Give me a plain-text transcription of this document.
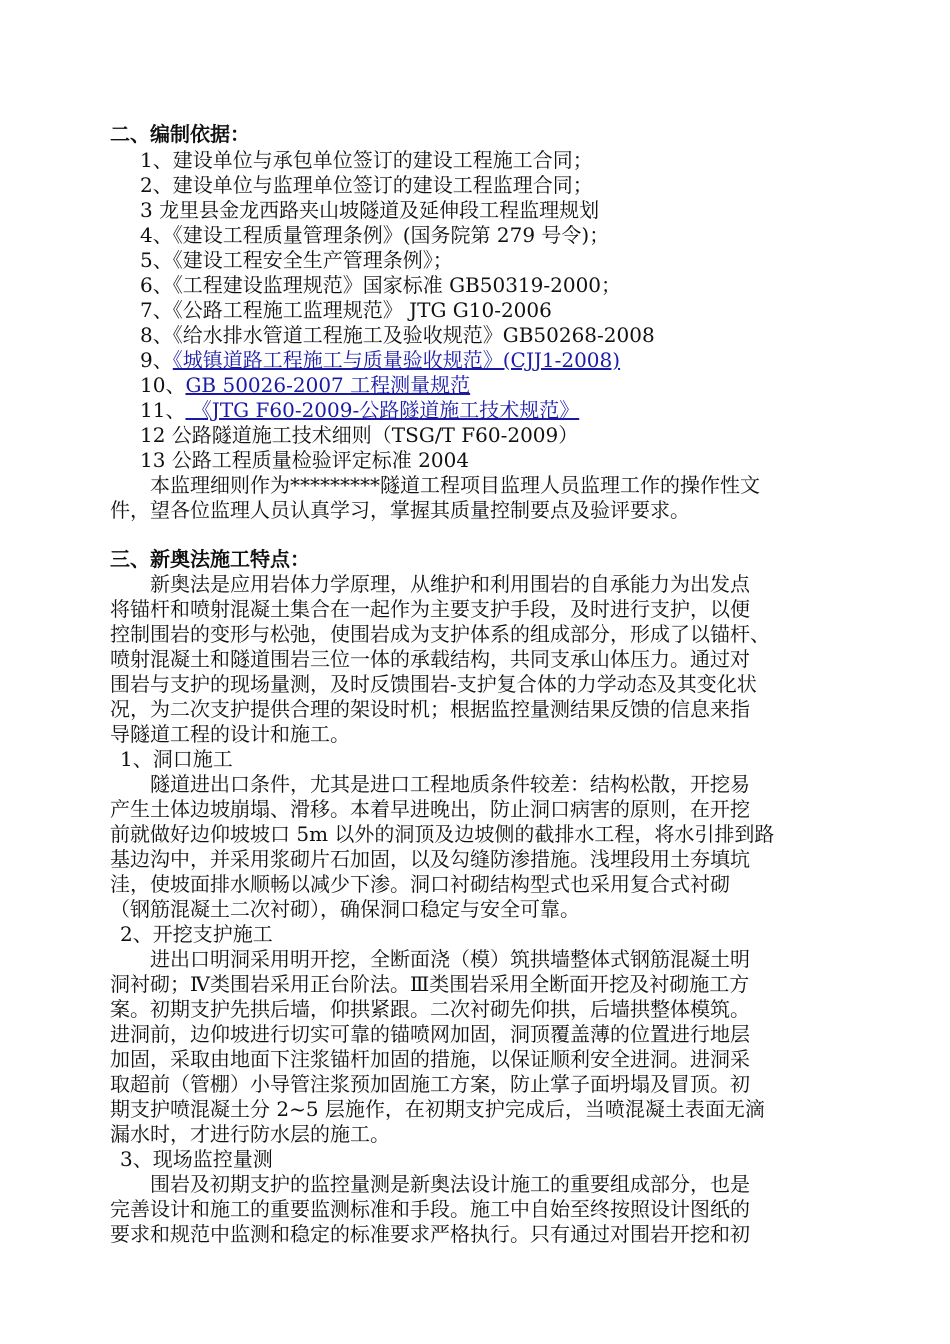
二、编制依据：
1、建设单位与承包单位签订的建设工程施工合同；
2、建设单位与监理单位签订的建设工程监理合同；
3 龙里县金龙西路夹山坡隧道及延伸段工程监理规划
4、《建设工程质量管理条例》(国务院第 279 号令)；
5、《建设工程安全生产管理条例》；
6、《工程建设监理规范》国家标准 GB50319-2000；
7、《公路工程施工监理规范》 JTG G10-2006
8、《给水排水管道工程施工及验收规范》GB50268-2008
9、《城镇道路工程施工与质量验收规范》(CJJ1-2008)
10、GB 50026-2007 工程测量规范
11、 《JTG F60-2009-公路隧道施工技术规范》
12 公路隧道施工技术细则（TSG/T F60-2009）
13 公路工程质量检验评定标准 2004
本监理细则作为*********隧道工程项目监理人员监理工作的操作性文
件，望各位监理人员认真学习，掌握其质量控制要点及验评要求。
三、新奥法施工特点：
新奥法是应用岩体力学原理，从维护和利用围岩的自承能力为出发点
将锚杆和喷射混凝土集合在一起作为主要支护手段，及时进行支护，以便
控制围岩的变形与松弛，使围岩成为支护体系的组成部分，形成了以锚杆、
喷射混凝土和隧道围岩三位一体的承载结构，共同支承山体压力。通过对
围岩与支护的现场量测，及时反馈围岩-支护复合体的力学动态及其变化状
况，为二次支护提供合理的架设时机；根据监控量测结果反馈的信息来指
导隧道工程的设计和施工。
1、洞口施工
隧道进出口条件，尤其是进口工程地质条件较差：结构松散，开挖易
产生土体边坡崩塌、滑移。本着早进晚出，防止洞口病害的原则，在开挖
前就做好边仰坡坡口 5m 以外的洞顶及边坡侧的截排水工程，将水引排到路
基边沟中，并采用浆砌片石加固，以及勾缝防渗措施。浅埋段用土夯填坑
洼，使坡面排水顺畅以减少下渗。洞口衬砌结构型式也采用复合式衬砌
（钢筋混凝土二次衬砌），确保洞口稳定与安全可靠。
2、开挖支护施工
进出口明洞采用明开挖，全断面浇（模）筑拱墙整体式钢筋混凝土明
洞衬砌；Ⅳ类围岩采用正台阶法。Ⅲ类围岩采用全断面开挖及衬砌施工方
案。初期支护先拱后墙，仰拱紧跟。二次衬砌先仰拱，后墙拱整体模筑。
进洞前，边仰坡进行切实可靠的锚喷网加固，洞顶覆盖薄的位置进行地层
加固，采取由地面下注浆锚杆加固的措施，以保证顺利安全进洞。进洞采
取超前（管棚）小导管注浆预加固施工方案，防止掌子面坍塌及冒顶。初
期支护喷混凝土分 2~5 层施作，在初期支护完成后，当喷混凝土表面无滴
漏水时，才进行防水层的施工。
3、现场监控量测
围岩及初期支护的监控量测是新奥法设计施工的重要组成部分，也是
完善设计和施工的重要监测标准和手段。施工中自始至终按照设计图纸的
要求和规范中监测和稳定的标准要求严格执行。只有通过对围岩开挖和初
